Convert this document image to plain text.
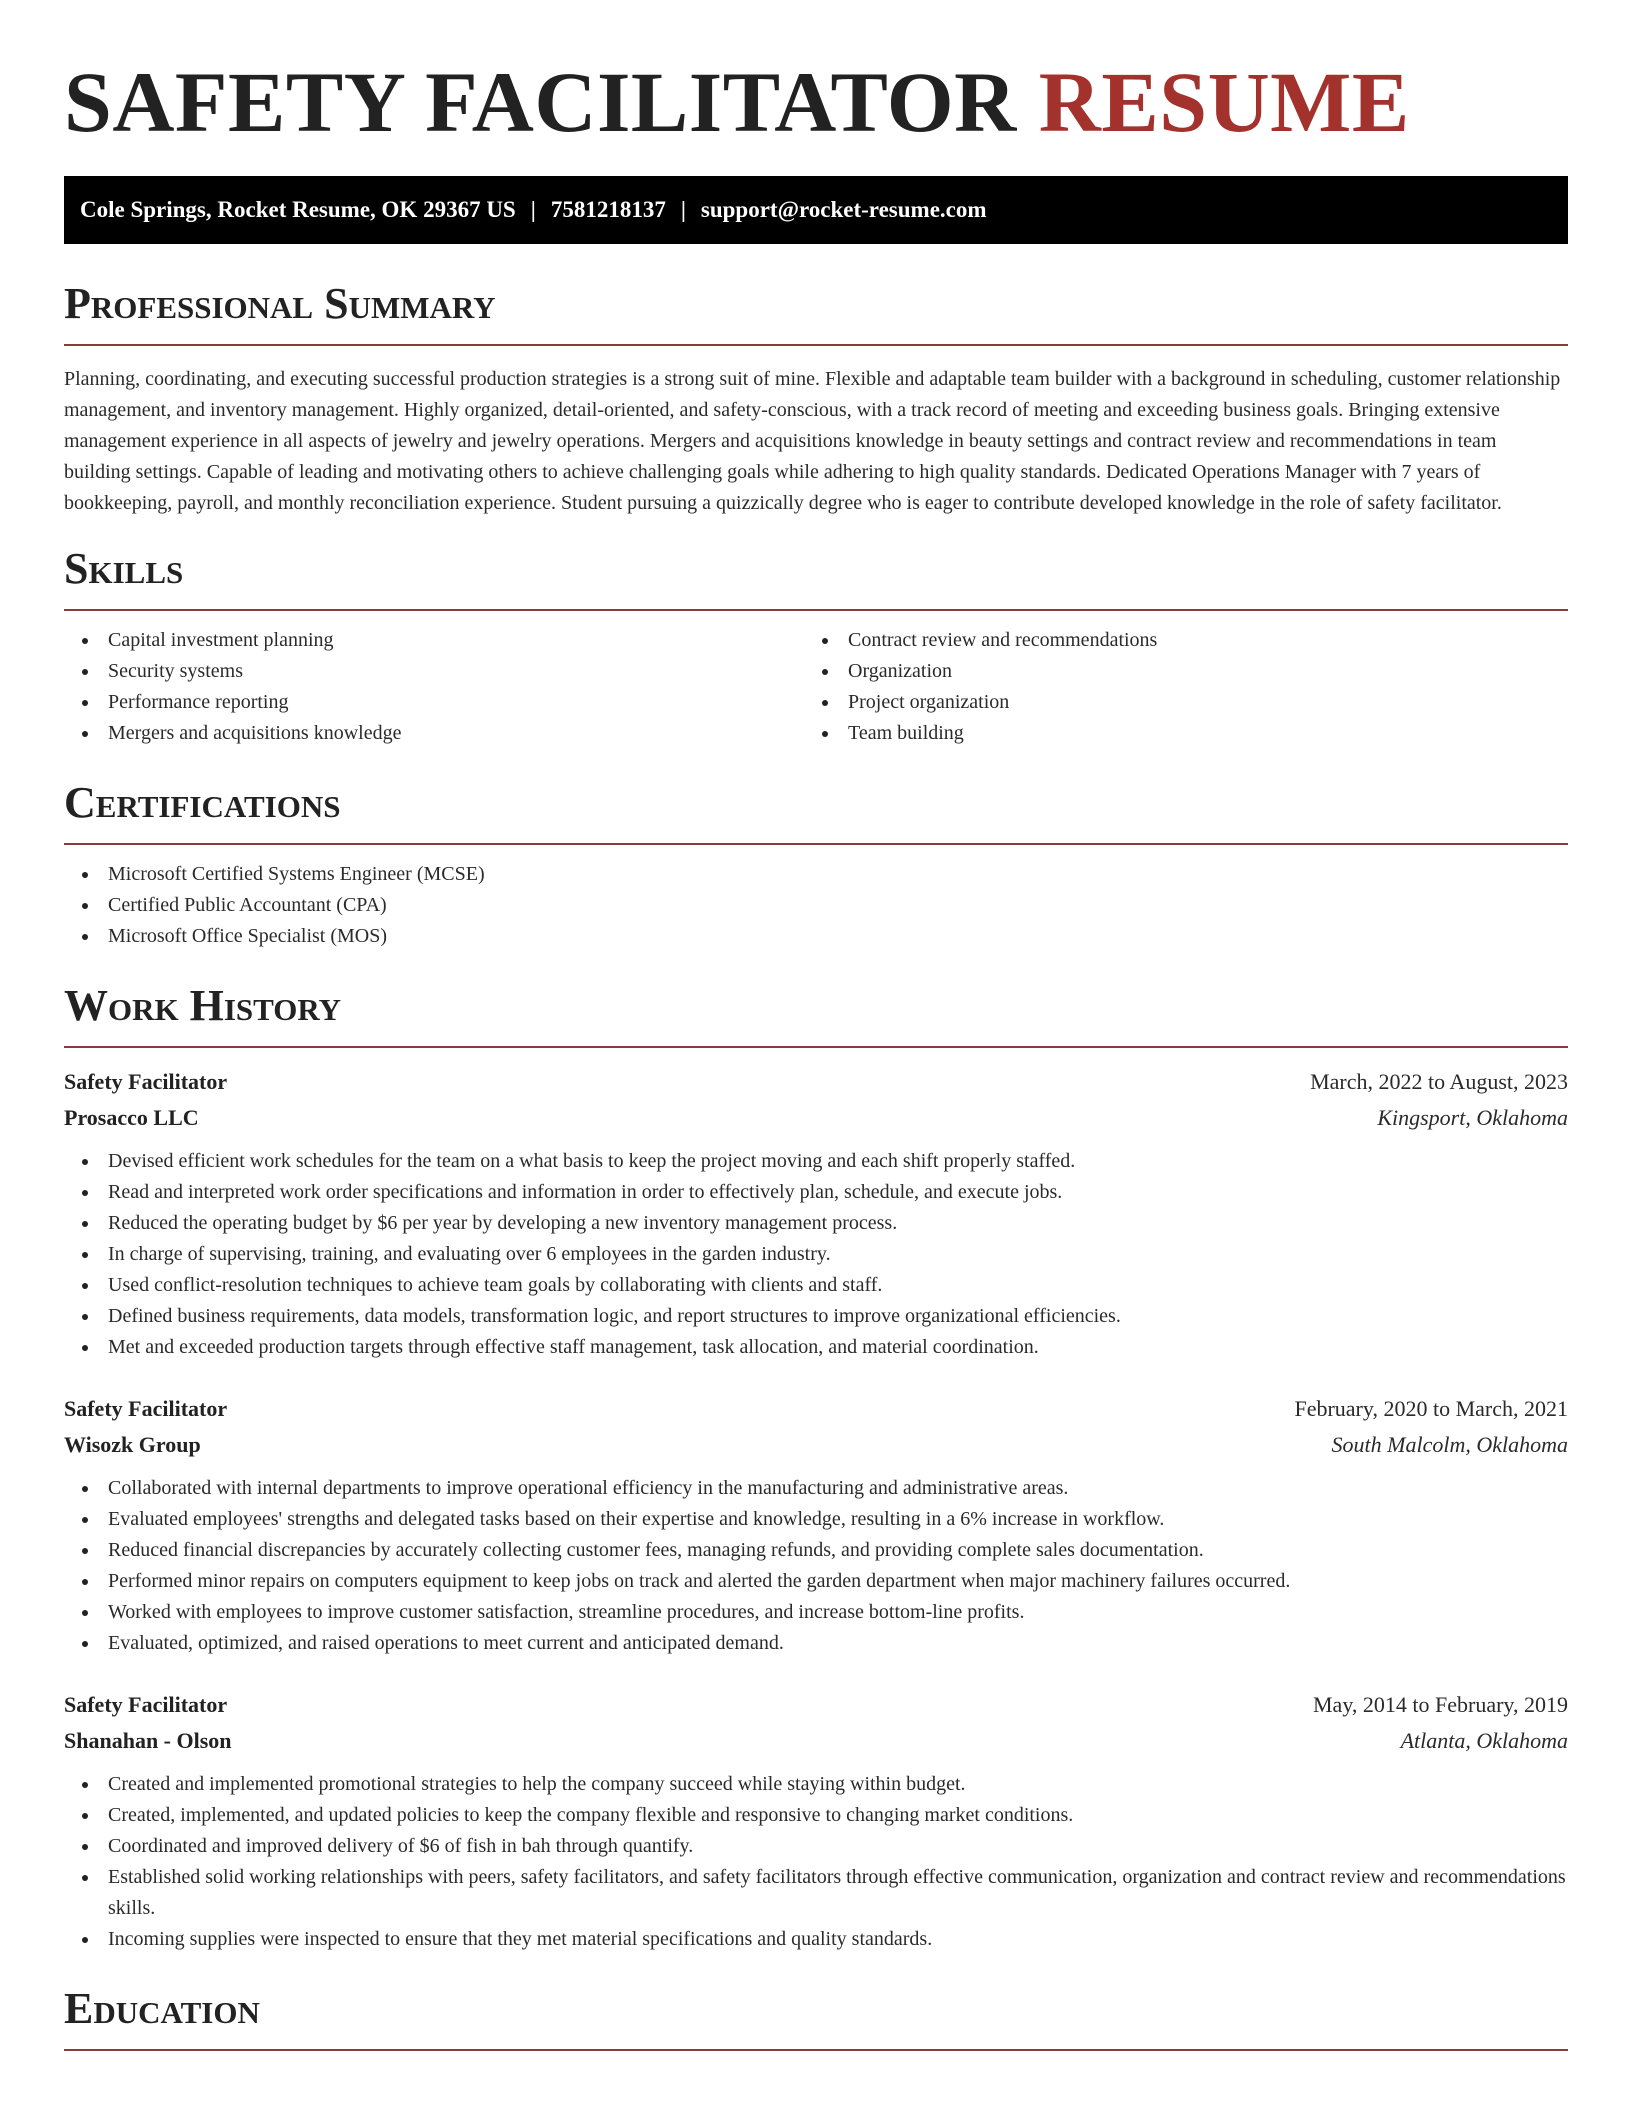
SAFETY FACILITATOR RESUME
Cole Springs, Rocket Resume, OK 29367 US | 7581218137 | support@rocket-resume.com
Professional Summary

Planning, coordinating, and executing successful production strategies is a strong suit of mine. Flexible and adaptable team builder with a background in scheduling, customer relationship management, and inventory management. Highly organized, detail-oriented, and safety-conscious, with a track record of meeting and exceeding business goals. Bringing extensive management experience in all aspects of jewelry and jewelry operations. Mergers and acquisitions knowledge in beauty settings and contract review and recommendations in team building settings. Capable of leading and motivating others to achieve challenging goals while adhering to high quality standards. Dedicated Operations Manager with 7 years of bookkeeping, payroll, and monthly reconciliation experience. Student pursuing a quizzically degree who is eager to contribute developed knowledge in the role of safety facilitator.

Skills
Capital investment planning
Security systems
Performance reporting
Mergers and acquisitions knowledge
Contract review and recommendations
Organization
Project organization
Team building
Certifications
Microsoft Certified Systems Engineer (MCSE)
Certified Public Accountant (CPA)
Microsoft Office Specialist (MOS)
Work History
Safety Facilitator	March, 2022 to August, 2023
Prosacco LLC	Kingsport, Oklahoma
Devised efficient work schedules for the team on a what basis to keep the project moving and each shift properly staffed.
Read and interpreted work order specifications and information in order to effectively plan, schedule, and execute jobs.
Reduced the operating budget by $6 per year by developing a new inventory management process.
In charge of supervising, training, and evaluating over 6 employees in the garden industry.
Used conflict-resolution techniques to achieve team goals by collaborating with clients and staff.
Defined business requirements, data models, transformation logic, and report structures to improve organizational efficiencies.
Met and exceeded production targets through effective staff management, task allocation, and material coordination.
Safety Facilitator	February, 2020 to March, 2021
Wisozk Group	South Malcolm, Oklahoma
Collaborated with internal departments to improve operational efficiency in the manufacturing and administrative areas.
Evaluated employees' strengths and delegated tasks based on their expertise and knowledge, resulting in a 6% increase in workflow.
Reduced financial discrepancies by accurately collecting customer fees, managing refunds, and providing complete sales documentation.
Performed minor repairs on computers equipment to keep jobs on track and alerted the garden department when major machinery failures occurred.
Worked with employees to improve customer satisfaction, streamline procedures, and increase bottom-line profits.
Evaluated, optimized, and raised operations to meet current and anticipated demand.
Safety Facilitator	May, 2014 to February, 2019
Shanahan - Olson	Atlanta, Oklahoma
Created and implemented promotional strategies to help the company succeed while staying within budget.
Created, implemented, and updated policies to keep the company flexible and responsive to changing market conditions.
Coordinated and improved delivery of $6 of fish in bah through quantify.
Established solid working relationships with peers, safety facilitators, and safety facilitators through effective communication, organization and contract review and recommendations skills.
Incoming supplies were inspected to ensure that they met material specifications and quality standards.
Education
